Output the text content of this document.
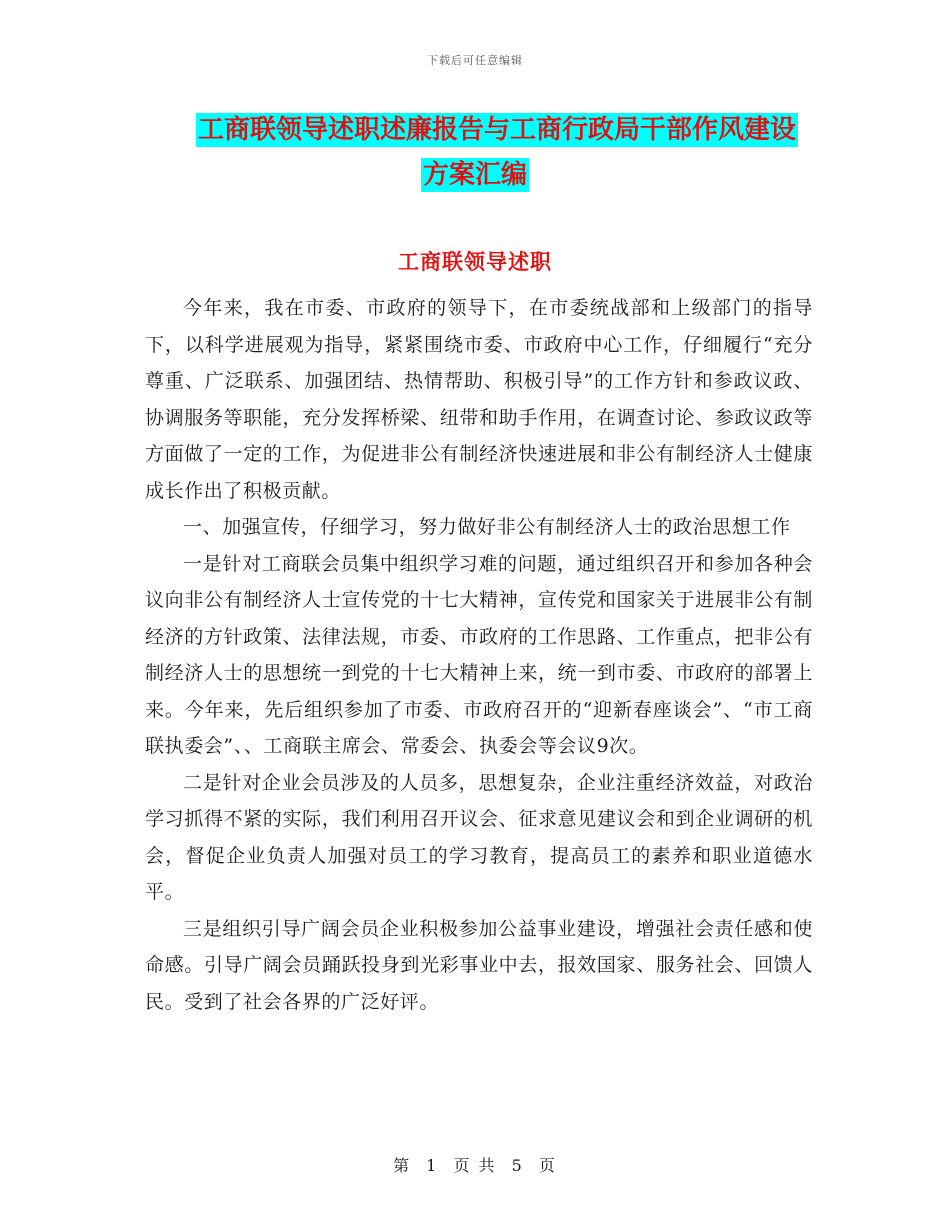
下载后可任意编辑
工商联领导述职述廉报告与工商行政局干部作风建设
方案汇编
工商联领导述职

今年来，我在市委、市政府的领导下，在市委统战部和上级部门的指导下，以科学进展观为指导，紧紧围绕市委、市政府中心工作，仔细履行“充分尊重、广泛联系、加强团结、热情帮助、积极引导”的工作方针和参政议政、协调服务等职能，充分发挥桥梁、纽带和助手作用，在调查讨论、参政议政等方面做了一定的工作，为促进非公有制经济快速进展和非公有制经济人士健康成长作出了积极贡献。

一、加强宣传，仔细学习，努力做好非公有制经济人士的政治思想工作

一是针对工商联会员集中组织学习难的问题，通过组织召开和参加各种会议向非公有制经济人士宣传党的十七大精神，宣传党和国家关于进展非公有制经济的方针政策、法律法规，市委、市政府的工作思路、工作重点，把非公有制经济人士的思想统一到党的十七大精神上来，统一到市委、市政府的部署上来。今年来，先后组织参加了市委、市政府召开的“迎新春座谈会”、“市工商联执委会”、、工商联主席会、常委会、执委会等会议9次。

二是针对企业会员涉及的人员多，思想复杂，企业注重经济效益，对政治学习抓得不紧的实际，我们利用召开议会、征求意见建议会和到企业调研的机会，督促企业负责人加强对员工的学习教育，提高员工的素养和职业道德水平。

三是组织引导广阔会员企业积极参加公益事业建设，增强社会责任感和使命感。引导广阔会员踊跃投身到光彩事业中去，报效国家、服务社会、回馈人民。受到了社会各界的广泛好评。

第 1 页 共 5 页
